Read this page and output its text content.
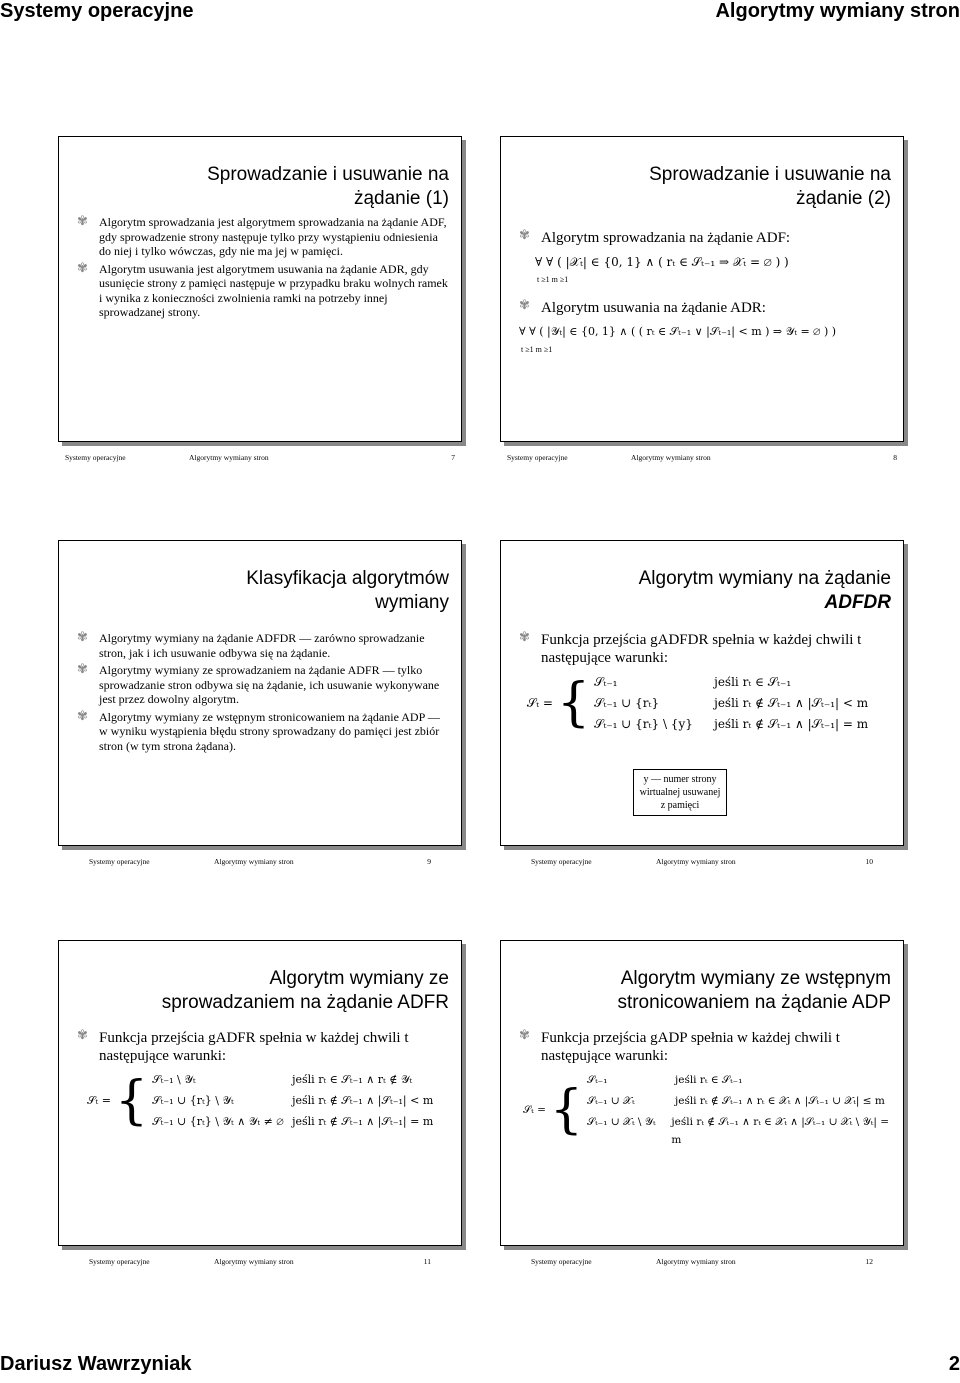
Systemy operacyjne	Algorytmy wymiany stron
Sprowadzanie i usuwanie na
żądanie (1)
✾ Algorytm sprowadzania jest algorytmem sprowadzania na żądanie ADF, gdy sprowadzenie strony następuje tylko przy wystąpieniu odniesienia do niej i tylko wówczas, gdy nie ma jej w pamięci.
✾ Algorytm usuwania jest algorytmem usuwania na żądanie ADR, gdy usunięcie strony z pamięci następuje w przypadku braku wolnych ramek i wynika z konieczności zwolnienia ramki na potrzeby innej sprowadzanej strony.
Systemy operacyjne	Algorytmy wymiany stron	7
Sprowadzanie i usuwanie na
żądanie (2)
✾ Algorytm sprowadzania na żądanie ADF:
∀ ∀ ( |𝒳ₜ| ∈ {0, 1} ∧ ( rₜ ∈ 𝒮ₜ₋₁ ⇒ 𝒳ₜ = ∅ ) )
t ≥1 m ≥1
✾ Algorytm usuwania na żądanie ADR:
∀ ∀ ( |𝒴ₜ| ∈ {0, 1} ∧ ( ( rₜ ∈ 𝒮ₜ₋₁ ∨ |𝒮ₜ₋₁| < m ) ⇒ 𝒴ₜ = ∅ ) )
t ≥1 m ≥1
Systemy operacyjne	Algorytmy wymiany stron	8
Klasyfikacja algorytmów
wymiany
✾ Algorytmy wymiany na żądanie ADFDR — zarówno sprowadzanie stron, jak i ich usuwanie odbywa się na żądanie.
✾ Algorytmy wymiany ze sprowadzaniem na żądanie ADFR — tylko sprowadzanie stron odbywa się na żądanie, ich usuwanie wykonywane jest przez dowolny algorytm.
✾ Algorytmy wymiany ze wstępnym stronicowaniem na żądanie ADP — w wyniku wystąpienia błędu strony sprowadzany do pamięci jest zbiór stron (w tym strona żądana).
Systemy operacyjne	Algorytmy wymiany stron	9
Algorytm wymiany na żądanie
ADFDR
✾ Funkcja przejścia gADFDR spełnia w każdej chwili t następujące warunki:
𝒮ₜ = { 𝒮ₜ₋₁	jeśli rₜ ∈ 𝒮ₜ₋₁
𝒮ₜ₋₁ ∪ {rₜ}	jeśli rₜ ∉ 𝒮ₜ₋₁ ∧ |𝒮ₜ₋₁| < m
𝒮ₜ₋₁ ∪ {rₜ} \ {y}	jeśli rₜ ∉ 𝒮ₜ₋₁ ∧ |𝒮ₜ₋₁| = m
y — numer strony wirtualnej usuwanej z pamięci
Systemy operacyjne	Algorytmy wymiany stron	10
Algorytm wymiany ze
sprowadzaniem na żądanie ADFR
✾ Funkcja przejścia gADFR spełnia w każdej chwili t następujące warunki:
𝒮ₜ = { 𝒮ₜ₋₁ \ 𝒴ₜ	jeśli rₜ ∈ 𝒮ₜ₋₁ ∧ rₜ ∉ 𝒴ₜ
𝒮ₜ₋₁ ∪ {rₜ} \ 𝒴ₜ	jeśli rₜ ∉ 𝒮ₜ₋₁ ∧ |𝒮ₜ₋₁| < m
𝒮ₜ₋₁ ∪ {rₜ} \ 𝒴ₜ ∧ 𝒴ₜ ≠ ∅ jeśli rₜ ∉ 𝒮ₜ₋₁ ∧ |𝒮ₜ₋₁| = m
Systemy operacyjne	Algorytmy wymiany stron	11
Algorytm wymiany ze wstępnym
stronicowaniem na żądanie ADP
✾ Funkcja przejścia gADP spełnia w każdej chwili t następujące warunki:
𝒮ₜ = { 𝒮ₜ₋₁	jeśli rₜ ∈ 𝒮ₜ₋₁
𝒮ₜ₋₁ ∪ 𝒳ₜ	jeśli rₜ ∉ 𝒮ₜ₋₁ ∧ rₜ ∈ 𝒳ₜ ∧ |𝒮ₜ₋₁ ∪ 𝒳ₜ| ≤ m
𝒮ₜ₋₁ ∪ 𝒳ₜ \ 𝒴ₜ	jeśli rₜ ∉ 𝒮ₜ₋₁ ∧ rₜ ∈ 𝒳ₜ ∧ |𝒮ₜ₋₁ ∪ 𝒳ₜ \ 𝒴ₜ| = m
Systemy operacyjne	Algorytmy wymiany stron	12
Dariusz Wawrzyniak	2
